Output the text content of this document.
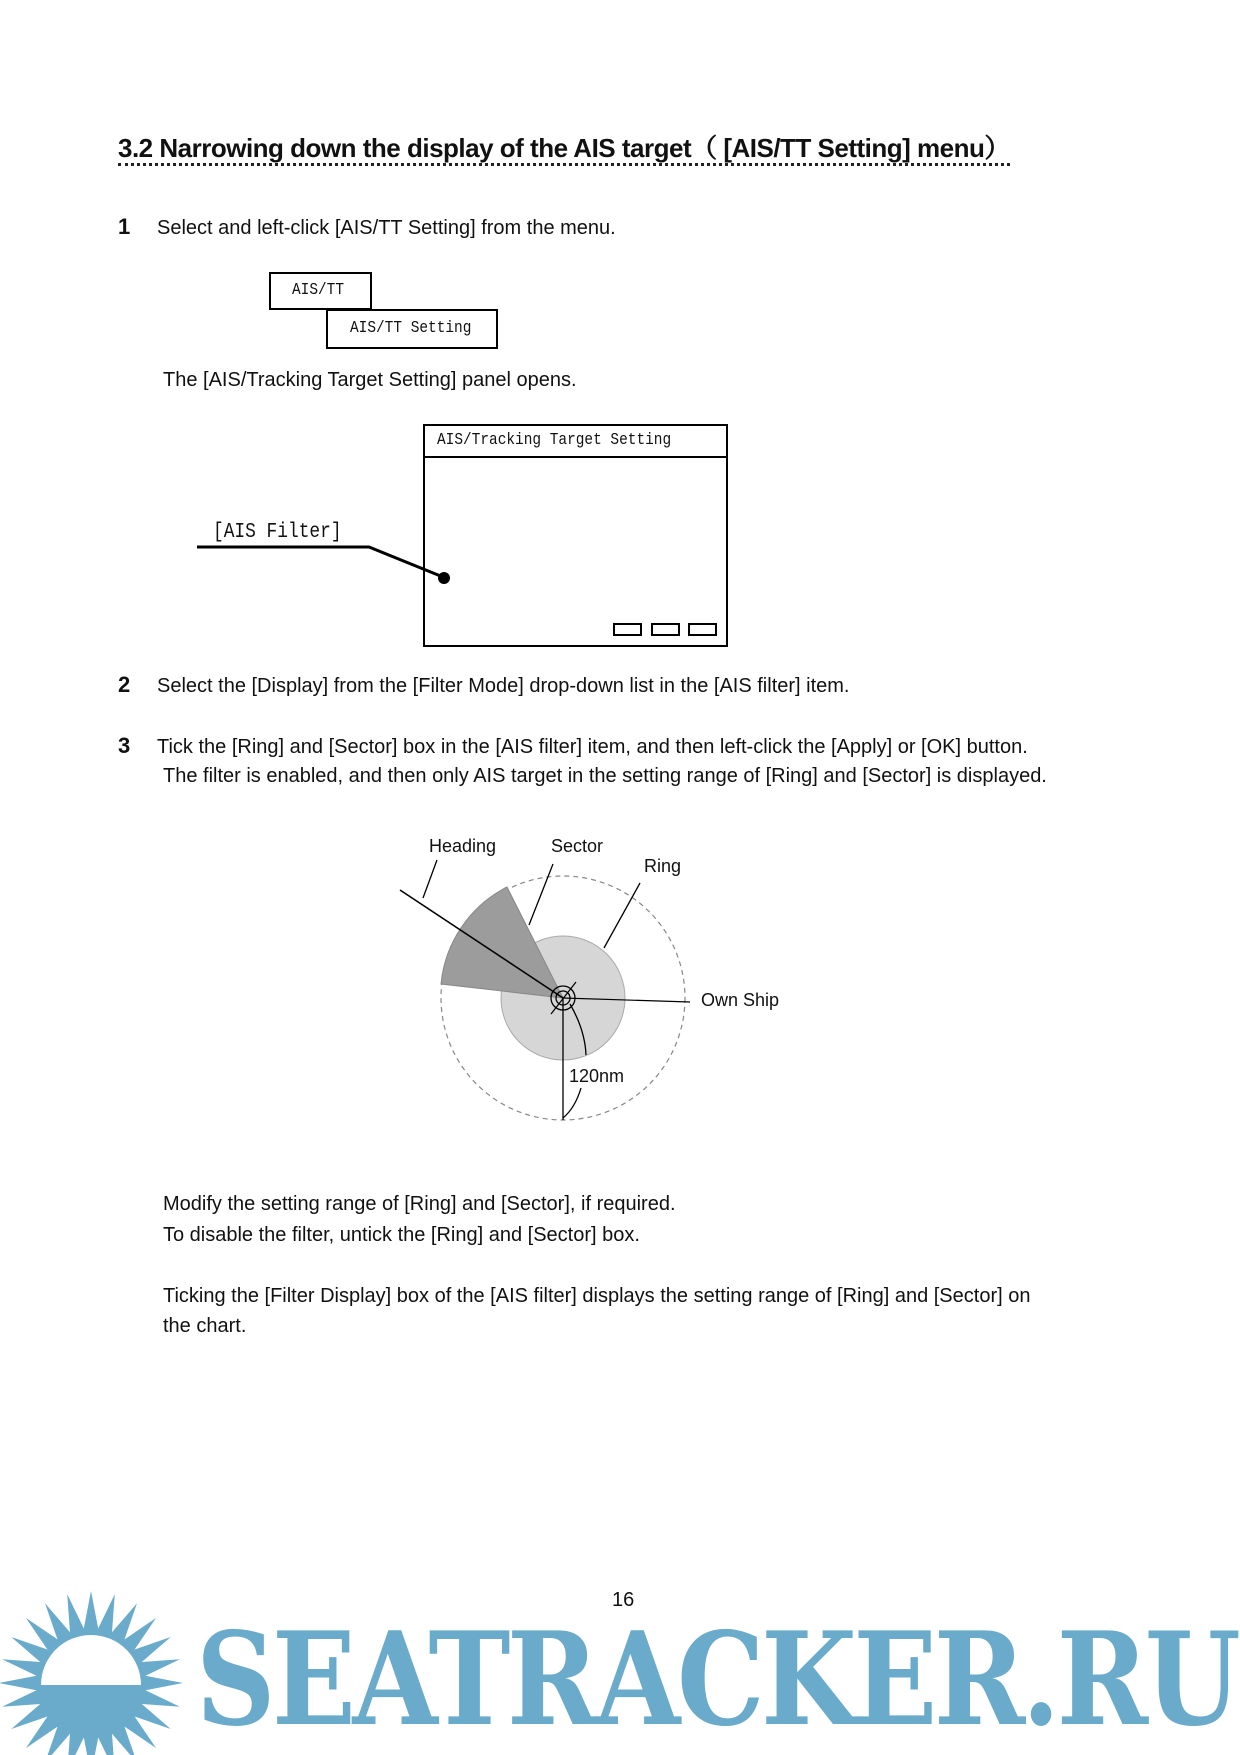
3.2 Narrowing down the display of the AIS target（ [AIS/TT Setting] menu）
1 Select and left-click [AIS/TT Setting] from the menu.
AIS/TT
AIS/TT Setting
The [AIS/Tracking Target Setting] panel opens.
AIS/Tracking Target Setting
[AIS Filter]
2 Select the [Display] from the [Filter Mode] drop-down list in the [AIS filter] item.
3 Tick the [Ring] and [Sector] box in the [AIS filter] item, and then left-click the [Apply] or [OK] button.
The filter is enabled, and then only AIS target in the setting range of [Ring] and [Sector] is displayed.
Heading	Sector
Ring
Own Ship
120nm
Modify the setting range of [Ring] and [Sector], if required.
To disable the filter, untick the [Ring] and [Sector] box.
Ticking the [Filter Display] box of the [AIS filter] displays the setting range of [Ring] and [Sector] on
the chart.
SEATRACKER.RU
16
